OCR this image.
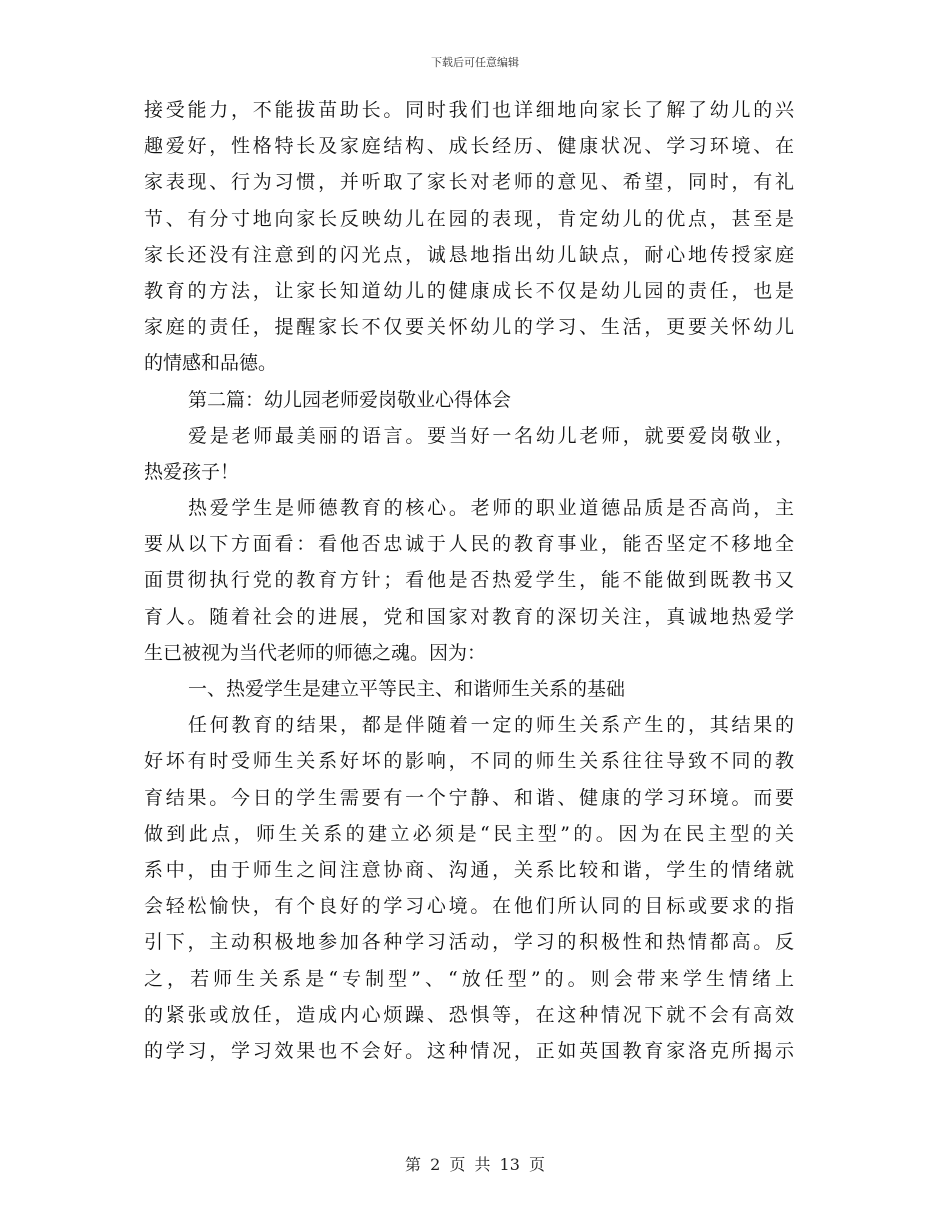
下载后可任意编辑
接受能力，不能拔苗助长。同时我们也详细地向家长了解了幼儿的兴
趣爱好，性格特长及家庭结构、成长经历、健康状况、学习环境、在
家表现、行为习惯，并听取了家长对老师的意见、希望，同时，有礼
节、有分寸地向家长反映幼儿在园的表现，肯定幼儿的优点，甚至是
家长还没有注意到的闪光点，诚恳地指出幼儿缺点，耐心地传授家庭
教育的方法，让家长知道幼儿的健康成长不仅是幼儿园的责任，也是
家庭的责任，提醒家长不仅要关怀幼儿的学习、生活，更要关怀幼儿
的情感和品德。
第二篇：幼儿园老师爱岗敬业心得体会
爱是老师最美丽的语言。要当好一名幼儿老师，就要爱岗敬业，
热爱孩子！
热爱学生是师德教育的核心。老师的职业道德品质是否高尚，主
要从以下方面看：看他否忠诚于人民的教育事业，能否坚定不移地全
面贯彻执行党的教育方针；看他是否热爱学生，能不能做到既教书又
育人。随着社会的进展，党和国家对教育的深切关注，真诚地热爱学
生已被视为当代老师的师德之魂。因为：
一、热爱学生是建立平等民主、和谐师生关系的基础
任何教育的结果，都是伴随着一定的师生关系产生的，其结果的
好坏有时受师生关系好坏的影响，不同的师生关系往往导致不同的教
育结果。今日的学生需要有一个宁静、和谐、健康的学习环境。而要
做到此点，师生关系的建立必须是“民主型”的。因为在民主型的关
系中，由于师生之间注意协商、沟通，关系比较和谐，学生的情绪就
会轻松愉快，有个良好的学习心境。在他们所认同的目标或要求的指
引下，主动积极地参加各种学习活动，学习的积极性和热情都高。反
之，若师生关系是“专制型”、“放任型”的。则会带来学生情绪上
的紧张或放任，造成内心烦躁、恐惧等，在这种情况下就不会有高效
的学习，学习效果也不会好。这种情况，正如英国教育家洛克所揭示
第 2 页 共 13 页
